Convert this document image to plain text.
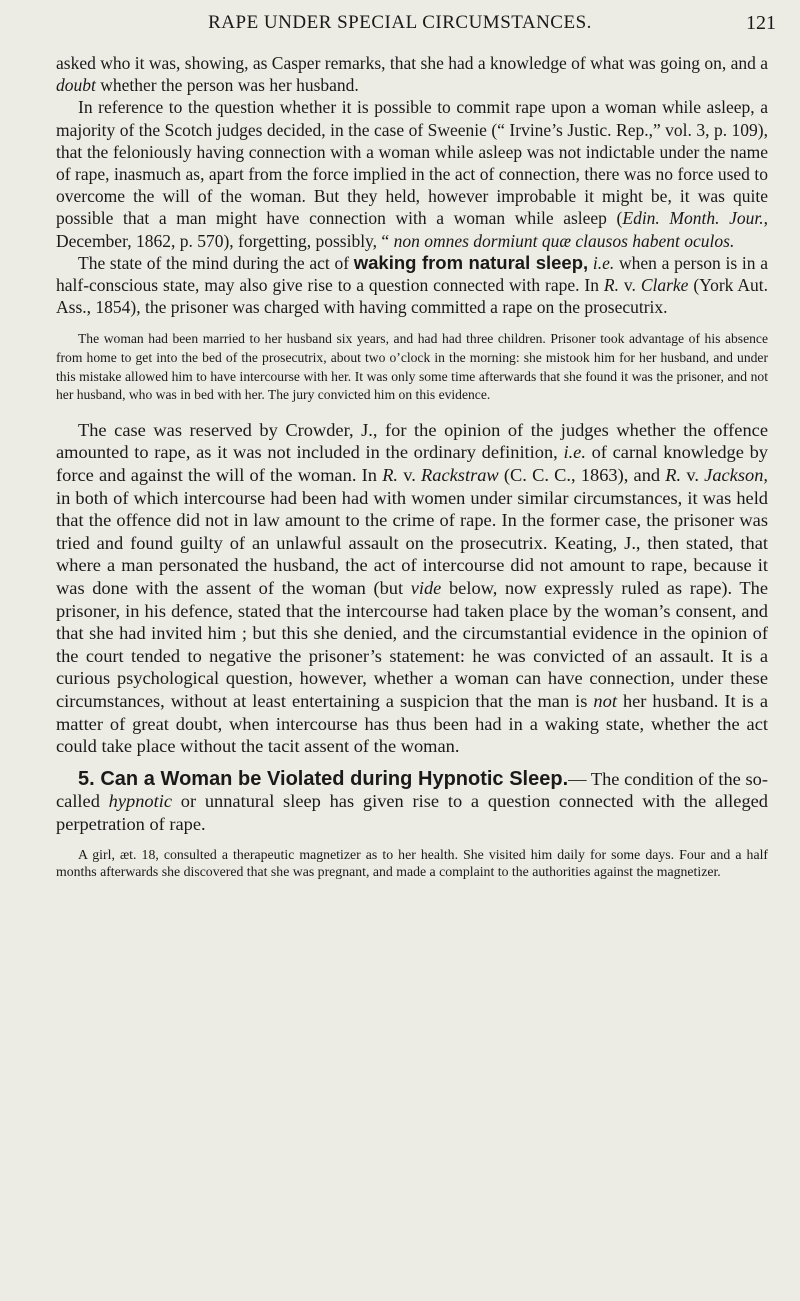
RAPE UNDER SPECIAL CIRCUMSTANCES.	121

asked who it was, showing, as Casper remarks, that she had a knowledge of what was going on, and a doubt whether the person was her husband.

In reference to the question whether it is possible to commit rape upon a woman while asleep, a majority of the Scotch judges decided, in the case of Sweenie (“ Irvine’s Justic. Rep.,” vol. 3, p. 109), that the feloniously having connection with a woman while asleep was not indictable under the name of rape, inasmuch as, apart from the force implied in the act of connection, there was no force used to overcome the will of the woman. But they held, however improbable it might be, it was quite possible that a man might have connection with a woman while asleep (Edin. Month. Jour., December, 1862, p. 570), forgetting, possibly, “ non omnes dormiunt quæ clausos habent oculos.

The state of the mind during the act of waking from natural sleep, i.e. when a person is in a half-conscious state, may also give rise to a question connected with rape. In R. v. Clarke (York Aut. Ass., 1854), the prisoner was charged with having committed a rape on the prosecutrix.

The woman had been married to her husband six years, and had had three children. Prisoner took advantage of his absence from home to get into the bed of the prosecutrix, about two o’clock in the morning: she mistook him for her husband, and under this mistake allowed him to have intercourse with her. It was only some time afterwards that she found it was the prisoner, and not her husband, who was in bed with her. The jury convicted him on this evidence.

The case was reserved by Crowder, J., for the opinion of the judges whether the offence amounted to rape, as it was not included in the ordinary definition, i.e. of carnal knowledge by force and against the will of the woman. In R. v. Rackstraw (C. C. C., 1863), and R. v. Jackson, in both of which intercourse had been had with women under similar circumstances, it was held that the offence did not in law amount to the crime of rape. In the former case, the prisoner was tried and found guilty of an unlawful assault on the prosecutrix. Keating, J., then stated, that where a man personated the husband, the act of intercourse did not amount to rape, because it was done with the assent of the woman (but vide below, now expressly ruled as rape). The prisoner, in his defence, stated that the intercourse had taken place by the woman’s consent, and that she had invited him ; but this she denied, and the circumstantial evidence in the opinion of the court tended to negative the prisoner’s statement: he was convicted of an assault. It is a curious psychological question, however, whether a woman can have connection, under these circumstances, without at least entertaining a suspicion that the man is not her husband. It is a matter of great doubt, when intercourse has thus been had in a waking state, whether the act could take place without the tacit assent of the woman.

5. Can a Woman be Violated during Hypnotic Sleep.— The condition of the so-called hypnotic or unnatural sleep has given rise to a question connected with the alleged perpetration of rape.

A girl, æt. 18, consulted a therapeutic magnetizer as to her health. She visited him daily for some days. Four and a half months afterwards she discovered that she was pregnant, and made a complaint to the authorities against the magnetizer.
